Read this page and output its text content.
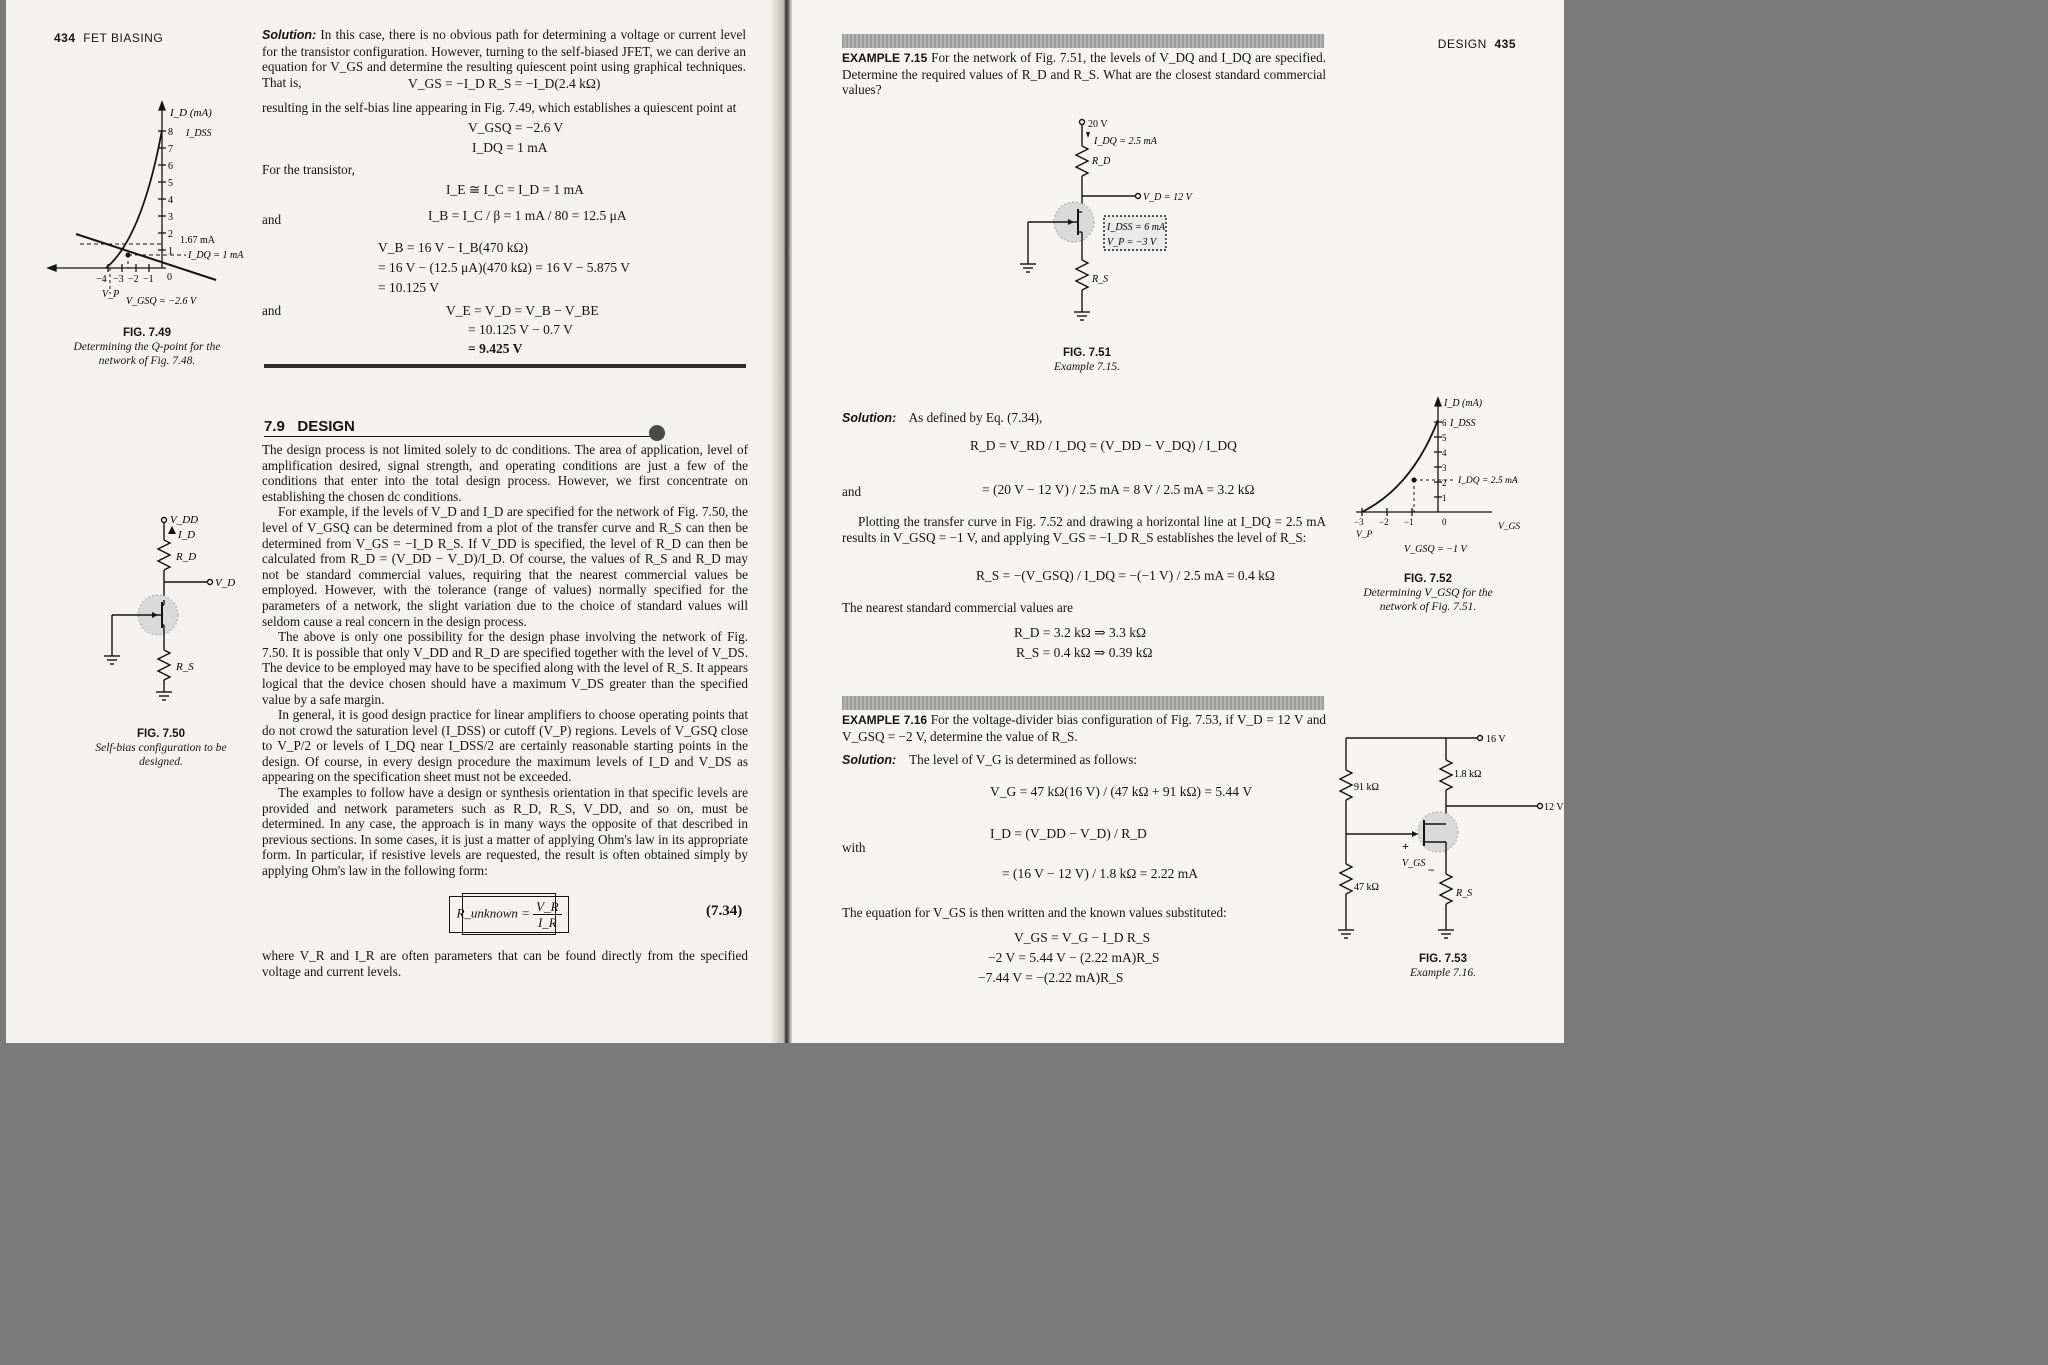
434 FET BIASING	Solution: In this case, there is no obvious path for determining a voltage or current level for the transistor configuration. However, turning to the self-biased JFET, we can derive an equation for V_GS and determine the resulting quiescent point using graphical techniques. That is,	V_GS = −I_D R_S = −I_D(2.4 kΩ)
resulting in the self-bias line appearing in Fig. 7.49, which establishes a quiescent point at
V_GSQ = −2.6 V
I_DQ = 1 mA
For the transistor,
I_E ≅ I_C = I_D = 1 mA
and	I_B = I_C / β = 1 mA / 80 = 12.5 μA
V_B = 16 V − I_B(470 kΩ)
= 16 V − (12.5 μA)(470 kΩ) = 16 V − 5.875 V
= 10.125 V
and	V_E = V_D = V_B − V_BE
= 10.125 V − 0.7 V
= 9.425 V
I_D (mA)
I_DSS
8
7
6
5
4
3
2
1
0
1.67 mA
I_DQ = 1 mA
−4 −3 −2 −1
V_P
V_GSQ = −2.6 V
FIG. 7.49
Determining the Q-point for the network of Fig. 7.48.
7.9 DESIGN

The design process is not limited solely to dc conditions. The area of application, level of amplification desired, signal strength, and operating conditions are just a few of the conditions that enter into the total design process. However, we first concentrate on establishing the chosen dc conditions.

For example, if the levels of V_D and I_D are specified for the network of Fig. 7.50, the level of V_GSQ can be determined from a plot of the transfer curve and R_S can then be determined from V_GS = −I_D R_S. If V_DD is specified, the level of R_D can then be calculated from R_D = (V_DD − V_D)/I_D. Of course, the values of R_S and R_D may not be standard commercial values, requiring that the nearest commercial values be employed. However, with the tolerance (range of values) normally specified for the parameters of a network, the slight variation due to the choice of standard values will seldom cause a real concern in the design process.

The above is only one possibility for the design phase involving the network of Fig. 7.50. It is possible that only V_DD and R_D are specified together with the level of V_DS. The device to be employed may have to be specified along with the level of R_S. It appears logical that the device chosen should have a maximum V_DS greater than the specified value by a safe margin.

In general, it is good design practice for linear amplifiers to choose operating points that do not crowd the saturation level (I_DSS) or cutoff (V_P) regions. Levels of V_GSQ close to V_P/2 or levels of I_DQ near I_DSS/2 are certainly reasonable starting points in the design. Of course, in every design procedure the maximum levels of I_D and V_DS as appearing on the specification sheet must not be exceeded.

The examples to follow have a design or synthesis orientation in that specific levels are provided and network parameters such as R_D, R_S, V_DD, and so on, must be determined. In any case, the approach is in many ways the opposite of that described in previous sections. In some cases, it is just a matter of applying Ohm's law in its appropriate form. In particular, if resistive levels are requested, the result is often obtained simply by applying Ohm's law in the following form:

R_unknown = $\frac{V\_R}{I\_R}$	(7.34)
where V_R and I_R are often parameters that can be found directly from the specified voltage and current levels.
V_DD
I_D
R_D
V_D
R_S
FIG. 7.50
Self-bias configuration to be designed.
DESIGN 435
EXAMPLE 7.15 For the network of Fig. 7.51, the levels of V_DQ and I_DQ are specified. Determine the required values of R_D and R_S. What are the closest standard commercial values?
20 V
I_DQ = 2.5 mA
R_D
V_D = 12 V
I_DSS = 6 mA
V_P = −3 V
R_S
FIG. 7.51
Example 7.15.
Solution: As defined by Eq. (7.34),
R_D = V_RD / I_DQ = (V_DD − V_DQ) / I_DQ
and	= (20 V − 12 V) / 2.5 mA = 8 V / 2.5 mA = 3.2 kΩ

Plotting the transfer curve in Fig. 7.52 and drawing a horizontal line at I_DQ = 2.5 mA results in V_GSQ = −1 V, and applying V_GS = −I_D R_S establishes the level of R_S:

R_S = −(V_GSQ) / I_DQ = −(−1 V) / 2.5 mA = 0.4 kΩ
The nearest standard commercial values are
R_D = 3.2 kΩ ⇒ 3.3 kΩ
R_S = 0.4 kΩ ⇒ 0.39 kΩ
I_D (mA)
I_DSS
6
5
4
3
2
1
0
I_DQ = 2.5 mA
−3 −2 −1
V_P
V_GS
V_GSQ = −1 V
FIG. 7.52
Determining V_GSQ for the network of Fig. 7.51.
EXAMPLE 7.16 For the voltage-divider bias configuration of Fig. 7.53, if V_D = 12 V and V_GSQ = −2 V, determine the value of R_S.
Solution: The level of V_G is determined as follows:
V_G = 47 kΩ(16 V) / (47 kΩ + 91 kΩ) = 5.44 V
with
I_D = (V_DD − V_D) / R_D
= (16 V − 12 V) / 1.8 kΩ = 2.22 mA
The equation for V_GS is then written and the known values substituted:
V_GS = V_G − I_D R_S
−2 V = 5.44 V − (2.22 mA)R_S
−7.44 V = −(2.22 mA)R_S
16 V
91 kΩ
47 kΩ
1.8 kΩ
12 V
+
V_GS −
R_S
FIG. 7.53
Example 7.16.
